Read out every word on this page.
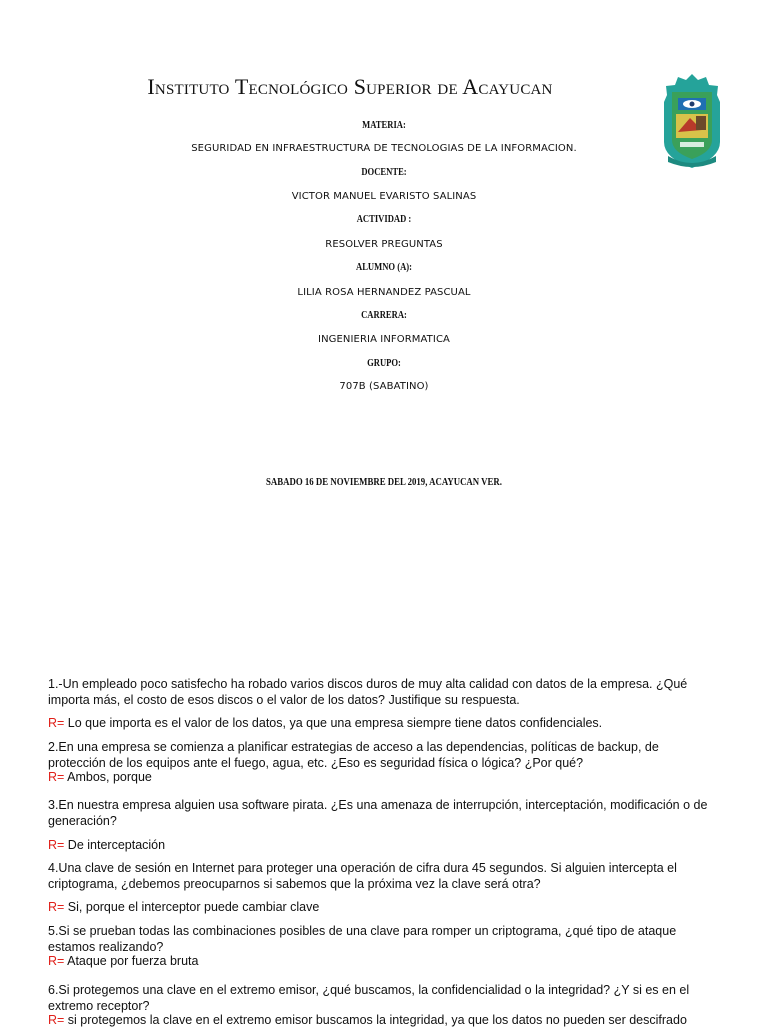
Instituto Tecnológico Superior de Acayucan
MATERIA:
SEGURIDAD EN INFRAESTRUCTURA DE TECNOLOGIAS DE LA INFORMACION.
DOCENTE:
VICTOR MANUEL EVARISTO SALINAS
ACTIVIDAD :
RESOLVER PREGUNTAS
ALUMNO (A):
LILIA ROSA HERNANDEZ PASCUAL
CARRERA:
INGENIERIA INFORMATICA
GRUPO:
707B (SABATINO)
SABADO 16 DE NOVIEMBRE DEL 2019, ACAYUCAN VER.
1.-Un empleado poco satisfecho ha robado varios discos duros de muy alta calidad con datos de la empresa. ¿Qué importa más, el costo de esos discos o el valor de los datos? Justifique su respuesta.
R= Lo que importa es el valor de los datos, ya que una empresa siempre tiene datos confidenciales.
2.En una empresa se comienza a planificar estrategias de acceso a las dependencias, políticas de backup, de protección de los equipos ante el fuego, agua, etc. ¿Eso es seguridad física o lógica? ¿Por qué?
R= Ambos, porque
3.En nuestra empresa alguien usa software pirata. ¿Es una amenaza de interrupción, interceptación, modificación o de generación?
R= De interceptación
4.Una clave de sesión en Internet para proteger una operación de cifra dura 45 segundos. Si alguien intercepta el criptograma, ¿debemos preocuparnos si sabemos que la próxima vez la clave será otra?
R= Si, porque el interceptor puede cambiar clave
5.Si se prueban todas las combinaciones posibles de una clave para romper un criptograma, ¿qué tipo de ataque estamos realizando?
R= Ataque por fuerza bruta
6.Si protegemos una clave en el extremo emisor, ¿qué buscamos, la confidencialidad o la integridad? ¿Y si es en el extremo receptor?
R= si protegemos la clave en el extremo emisor buscamos la integridad, ya que los datos no pueden ser descifrado
